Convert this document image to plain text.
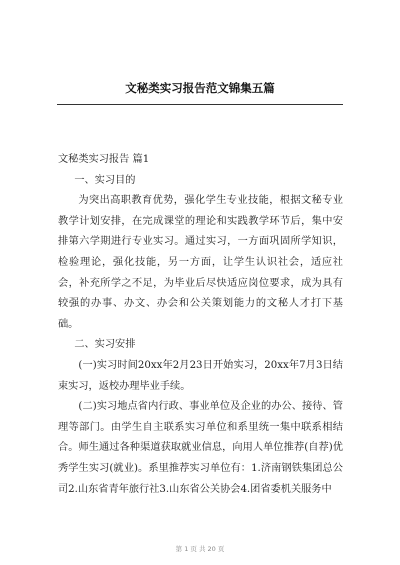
文秘类实习报告范文锦集五篇

文秘类实习报告 篇1

一、实习目的

为突出高职教育优势，强化学生专业技能，根据文秘专业教学计划安排，在完成课堂的理论和实践教学环节后，集中安排第六学期进行专业实习。通过实习，一方面巩固所学知识，检验理论，强化技能，另一方面，让学生认识社会，适应社会，补充所学之不足，为毕业后尽快适应岗位要求，成为具有较强的办事、办文、办会和公关策划能力的文秘人才打下基础。

二、实习安排

(一)实习时间20xx年2月23日开始实习，20xx年7月3日结束实习，返校办理毕业手续。

(二)实习地点省内行政、事业单位及企业的办公、接待、管理等部门。由学生自主联系实习单位和系里统一集中联系相结合。师生通过各种渠道获取就业信息，向用人单位推荐(自荐)优秀学生实习(就业)。系里推荐实习单位有：1.济南钢铁集团总公司2.山东省青年旅行社3.山东省公关协会4.团省委机关服务中

第 1 页 共 20 页
